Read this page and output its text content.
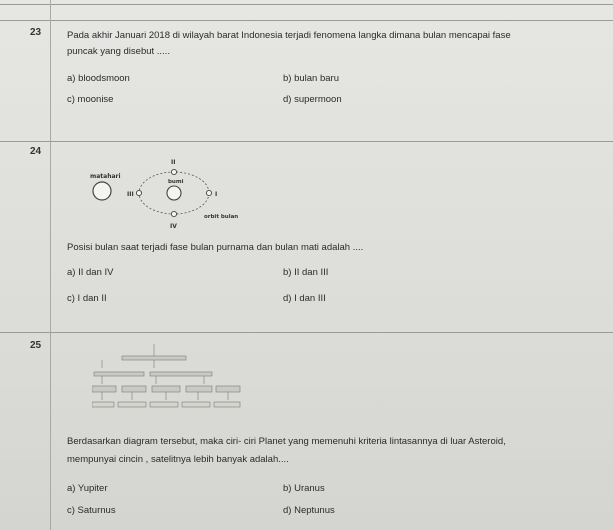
23	Pada akhir Januari 2018 di wilayah barat Indonesia terjadi fenomena langka dimana bulan mencapai fase
puncak yang disebut .....
a) bloodsmoon	b) bulan baru
c) moonise	d) supermoon
24
matahari
bumi
II
I
III
IV
orbit bulan
Posisi bulan saat terjadi fase bulan purnama dan bulan mati adalah ....
a) II dan IV	b) II dan III
c) I dan II	d) I dan III
25
Berdasarkan diagram tersebut, maka ciri- ciri Planet yang memenuhi kriteria lintasannya di luar Asteroid,
mempunyai cincin , satelitnya lebih banyak adalah....
a) Yupiter	b) Uranus
c) Saturnus	d) Neptunus
